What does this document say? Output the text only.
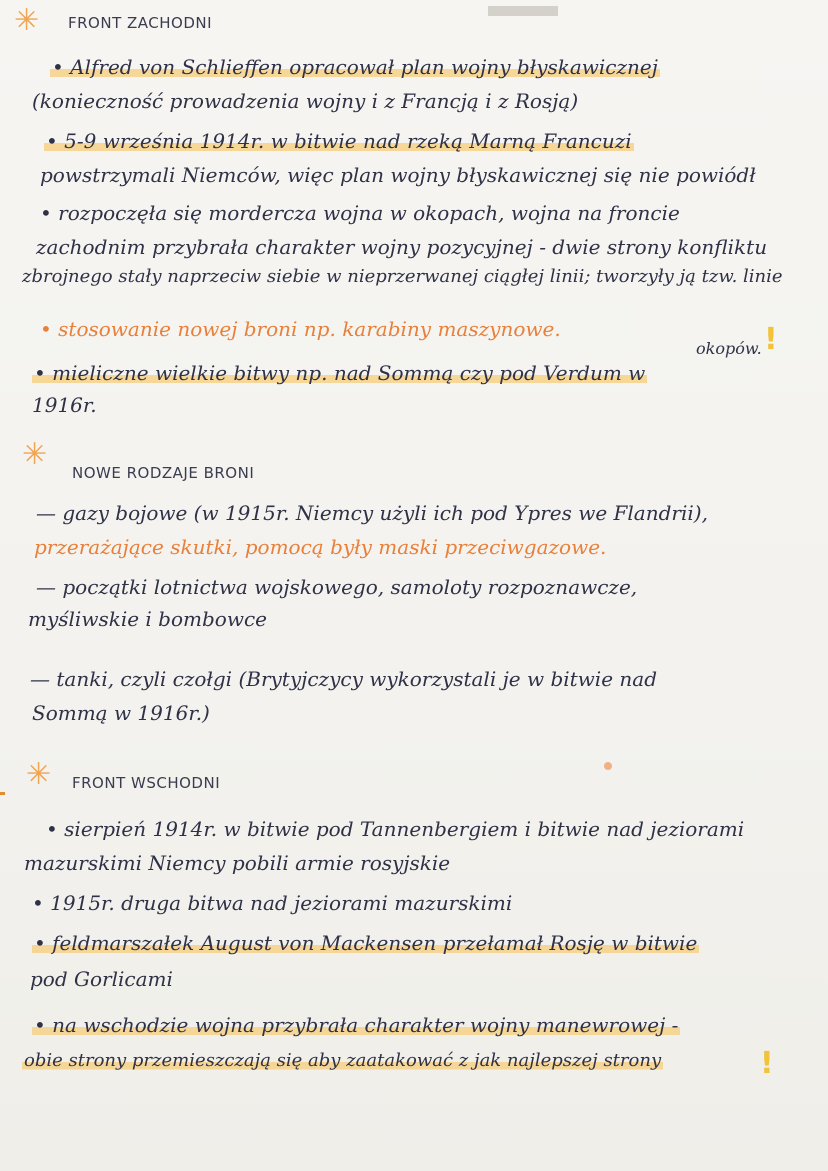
✳ FRONT ZACHODNI
• Alfred von Schlieffen opracował plan wojny błyskawicznej
(konieczność prowadzenia wojny i z Francją i z Rosją)
• 5-9 września 1914r. w bitwie nad rzeką Marną Francuzi
powstrzymali Niemców, więc plan wojny błyskawicznej się nie powiódł
• rozpoczęła się mordercza wojna w okopach, wojna na froncie
zachodnim przybrała charakter wojny pozycyjnej - dwie strony konfliktu
zbrojnego stały naprzeciw siebie w nieprzerwanej ciągłej linii; tworzyły ją tzw. linie
okopów. !
• stosowanie nowej broni np. karabiny maszynowe.
• mieliczne wielkie bitwy np. nad Sommą czy pod Verdum w
1916r.
✳
NOWE RODZAJE BRONI
— gazy bojowe (w 1915r. Niemcy użyli ich pod Ypres we Flandrii),
przerażające skutki, pomocą były maski przeciwgazowe.
— początki lotnictwa wojskowego, samoloty rozpoznawcze,
myśliwskie i bombowce
— tanki, czyli czołgi (Brytyjczycy wykorzystali je w bitwie nad
Sommą w 1916r.)
✳ FRONT WSCHODNI
• sierpień 1914r. w bitwie pod Tannenbergiem i bitwie nad jeziorami
mazurskimi Niemcy pobili armie rosyjskie
• 1915r. druga bitwa nad jeziorami mazurskimi
• feldmarszałek August von Mackensen przełamał Rosję w bitwie
pod Gorlicami
• na wschodzie wojna przybrała charakter wojny manewrowej -
obie strony przemieszczają się aby zaatakować z jak najlepszej strony	!
